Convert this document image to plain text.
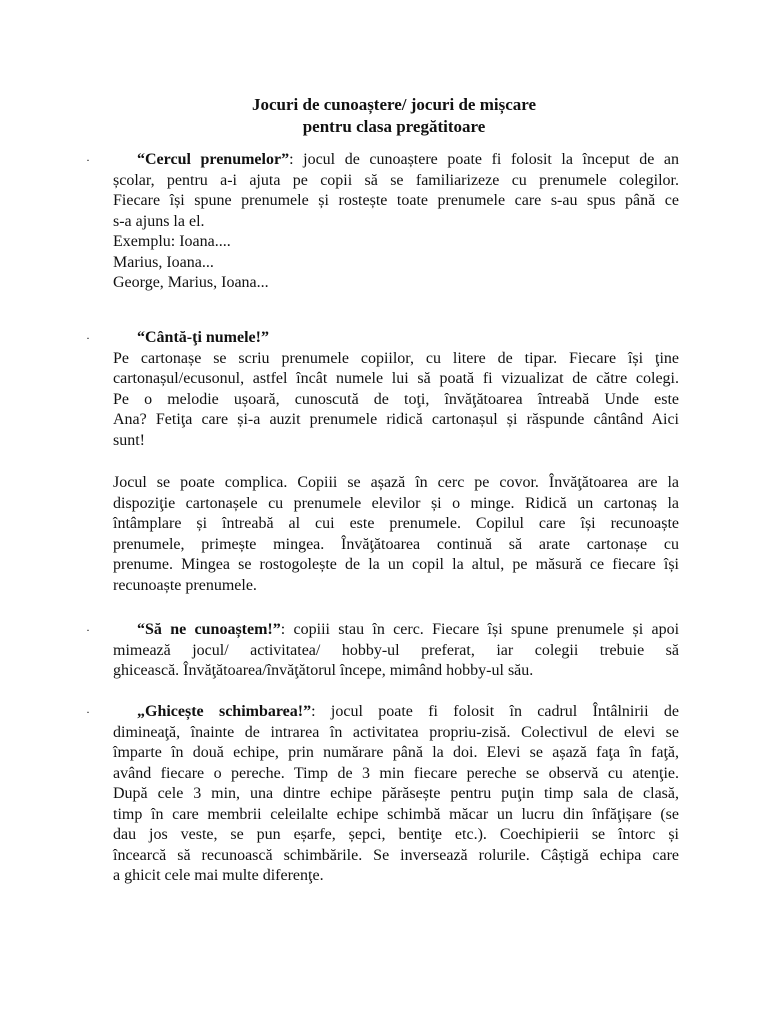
Jocuri de cunoaștere/ jocuri de mișcare
pentru clasa pregătitoare
·	“Cercul prenumelor”: jocul de cunoaștere poate fi folosit la început de an

școlar, pentru a-i ajuta pe copii să se familiarizeze cu prenumele colegilor.

Fiecare își spune prenumele și rostește toate prenumele care s-au spus până ce

s-a ajuns la el.

Exemplu: Ioana....

Marius, Ioana...

George, Marius, Ioana...

·	“Cântă-ţi numele!”

Pe cartonașe se scriu prenumele copiilor, cu litere de tipar. Fiecare își ţine

cartonașul/ecusonul, astfel încât numele lui să poată fi vizualizat de către colegi.

Pe o melodie ușoară, cunoscută de toţi, învăţătoarea întreabă Unde este

Ana? Fetiţa care și-a auzit prenumele ridică cartonașul și răspunde cântând Aici

sunt!

Jocul se poate complica. Copiii se așază în cerc pe covor. Învăţătoarea are la

dispoziţie cartonașele cu prenumele elevilor și o minge. Ridică un cartonaș la

întâmplare și întreabă al cui este prenumele. Copilul care își recunoaște

prenumele, primește mingea. Învăţătoarea continuă să arate cartonașe cu

prenume. Mingea se rostogolește de la un copil la altul, pe măsură ce fiecare își

recunoaște prenumele.

·	“Să ne cunoaștem!”: copiii stau în cerc. Fiecare își spune prenumele și apoi

mimează jocul/ activitatea/ hobby-ul preferat, iar colegii trebuie să

ghicească. Învăţătoarea/învăţătorul începe, mimând hobby-ul său.

·	„Ghicește schimbarea!”: jocul poate fi folosit în cadrul Întâlnirii de

dimineaţă, înainte de intrarea în activitatea propriu-zisă. Colectivul de elevi se

împarte în două echipe, prin numărare până la doi. Elevi se așază faţa în faţă,

având fiecare o pereche. Timp de 3 min fiecare pereche se observă cu atenţie.

După cele 3 min, una dintre echipe părăsește pentru puţin timp sala de clasă,

timp în care membrii celeilalte echipe schimbă măcar un lucru din înfăţișare (se

dau jos veste, se pun eșarfe, șepci, bentiţe etc.). Coechipierii se întorc și

încearcă să recunoască schimbările. Se inversează rolurile. Câștigă echipa care

a ghicit cele mai multe diferenţe.
